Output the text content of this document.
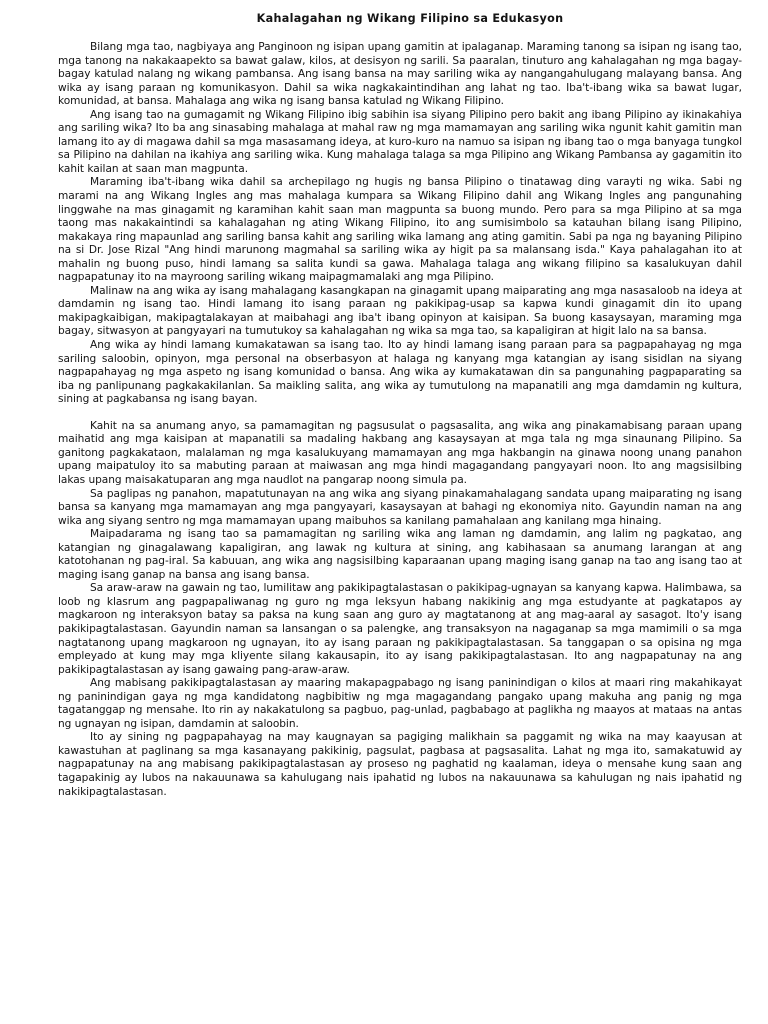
Kahalagahan ng Wikang Filipino sa Edukasyon

Bilang mga tao, nagbiyaya ang Panginoon ng isipan upang gamitin at ipalaganap. Maraming tanong sa isipan ng isang tao, mga tanong na nakakaapekto sa bawat galaw, kilos, at desisyon ng sarili. Sa paaralan, tinuturo ang kahalagahan ng mga bagay-bagay katulad nalang ng wikang pambansa. Ang isang bansa na may sariling wika ay nangangahulugang malayang bansa. Ang wika ay isang paraan ng komunikasyon. Dahil sa wika nagkakaintindihan ang lahat ng tao. Iba't-ibang wika sa bawat lugar, komunidad, at bansa. Mahalaga ang wika ng isang bansa katulad ng Wikang Filipino.

Ang isang tao na gumagamit ng Wikang Filipino ibig sabihin isa siyang Pilipino pero bakit ang ibang Pilipino ay ikinakahiya ang sariling wika? Ito ba ang sinasabing mahalaga at mahal raw ng mga mamamayan ang sariling wika ngunit kahit gamitin man lamang ito ay di magawa dahil sa mga masasamang ideya, at kuro-kuro na namuo sa isipan ng ibang tao o mga banyaga tungkol sa Pilipino na dahilan na ikahiya ang sariling wika. Kung mahalaga talaga sa mga Pilipino ang Wikang Pambansa ay gagamitin ito kahit kailan at saan man magpunta.

Maraming iba't-ibang wika dahil sa archepilago ng hugis ng bansa Pilipino o tinatawag ding varayti ng wika. Sabi ng marami na ang Wikang Ingles ang mas mahalaga kumpara sa Wikang Filipino dahil ang Wikang Ingles ang pangunahing linggwahe na mas ginagamit ng karamihan kahit saan man magpunta sa buong mundo. Pero para sa mga Pilipino at sa mga taong mas nakakaintindi sa kahalagahan ng ating Wikang Filipino, ito ang sumisimbolo sa katauhan bilang isang Pilipino, makakaya ring mapaunlad ang sariling bansa kahit ang sariling wika lamang ang ating gamitin. Sabi pa nga ng bayaning Pilipino na si Dr. Jose Rizal "Ang hindi marunong magmahal sa sariling wika ay higit pa sa malansang isda." Kaya pahalagahan ito at mahalin ng buong puso, hindi lamang sa salita kundi sa gawa. Mahalaga talaga ang wikang filipino sa kasalukuyan dahil nagpapatunay ito na mayroong sariling wikang maipagmamalaki ang mga Pilipino.

Malinaw na ang wika ay isang mahalagang kasangkapan na ginagamit upang maiparating ang mga nasasaloob na ideya at damdamin ng isang tao. Hindi lamang ito isang paraan ng pakikipag-usap sa kapwa kundi ginagamit din ito upang makipagkaibigan, makipagtalakayan at maibahagi ang iba't ibang opinyon at kaisipan. Sa buong kasaysayan, maraming mga bagay, sitwasyon at pangyayari na tumutukoy sa kahalagahan ng wika sa mga tao, sa kapaligiran at higit lalo na sa bansa.

Ang wika ay hindi lamang kumakatawan sa isang tao. Ito ay hindi lamang isang paraan para sa pagpapahayag ng mga sariling saloobin, opinyon, mga personal na obserbasyon at halaga ng kanyang mga katangian ay isang sisidlan na siyang nagpapahayag ng mga aspeto ng isang komunidad o bansa. Ang wika ay kumakatawan din sa pangunahing pagpaparating sa iba ng panlipunang pagkakakilanlan. Sa maikling salita, ang wika ay tumutulong na mapanatili ang mga damdamin ng kultura, sining at pagkabansa ng isang bayan.

Kahit na sa anumang anyo, sa pamamagitan ng pagsusulat o pagsasalita, ang wika ang pinakamabisang paraan upang maihatid ang mga kaisipan at mapanatili sa madaling hakbang ang kasaysayan at mga tala ng mga sinaunang Pilipino. Sa ganitong pagkakataon, malalaman ng mga kasalukuyang mamamayan ang mga hakbangin na ginawa noong unang panahon upang maipatuloy ito sa mabuting paraan at maiwasan ang mga hindi magagandang pangyayari noon. Ito ang magsisilbing lakas upang maisakatuparan ang mga naudlot na pangarap noong simula pa.

Sa paglipas ng panahon, mapatutunayan na ang wika ang siyang pinakamahalagang sandata upang maiparating ng isang bansa sa kanyang mga mamamayan ang mga pangyayari, kasaysayan at bahagi ng ekonomiya nito. Gayundin naman na ang wika ang siyang sentro ng mga mamamayan upang maibuhos sa kanilang pamahalaan ang kanilang mga hinaing.

Maipadarama ng isang tao sa pamamagitan ng sariling wika ang laman ng damdamin, ang lalim ng pagkatao, ang katangian ng ginagalawang kapaligiran, ang lawak ng kultura at sining, ang kabihasaan sa anumang larangan at ang katotohanan ng pag-iral. Sa kabuuan, ang wika ang nagsisilbing kaparaanan upang maging isang ganap na tao ang isang tao at maging isang ganap na bansa ang isang bansa.

Sa araw-araw na gawain ng tao, lumilitaw ang pakikipagtalastasan o pakikipag-ugnayan sa kanyang kapwa. Halimbawa, sa loob ng klasrum ang pagpapaliwanag ng guro ng mga leksyun habang nakikinig ang mga estudyante at pagkatapos ay magkaroon ng interaksyon batay sa paksa na kung saan ang guro ay magtatanong at ang mag-aaral ay sasagot. Ito'y isang pakikipagtalastasan. Gayundin naman sa lansangan o sa palengke, ang transaksyon na nagaganap sa mga mamimili o sa mga nagtatanong upang magkaroon ng ugnayan, ito ay isang paraan ng pakikipagtalastasan. Sa tanggapan o sa opisina ng mga empleyado at kung may mga kliyente silang kakausapin, ito ay isang pakikipagtalastasan. Ito ang nagpapatunay na ang pakikipagtalastasan ay isang gawaing pang-araw-araw.

Ang mabisang pakikipagtalastasan ay maaring makapagpabago ng isang paninindigan o kilos at maari ring makahikayat ng paninindigan gaya ng mga kandidatong nagbibitiw ng mga magagandang pangako upang makuha ang panig ng mga tagatanggap ng mensahe. Ito rin ay nakakatulong sa pagbuo, pag-unlad, pagbabago at paglikha ng maayos at mataas na antas ng ugnayan ng isipan, damdamin at saloobin.

Ito ay sining ng pagpapahayag na may kaugnayan sa pagiging malikhain sa paggamit ng wika na may kaayusan at kawastuhan at paglinang sa mga kasanayang pakikinig, pagsulat, pagbasa at pagsasalita. Lahat ng mga ito, samakatuwid ay nagpapatunay na ang mabisang pakikipagtalastasan ay proseso ng paghatid ng kaalaman, ideya o mensahe kung saan ang tagapakinig ay lubos na nakauunawa sa kahulugang nais ipahatid ng lubos na nakauunawa sa kahulugan ng nais ipahatid ng nakikipagtalastasan.
